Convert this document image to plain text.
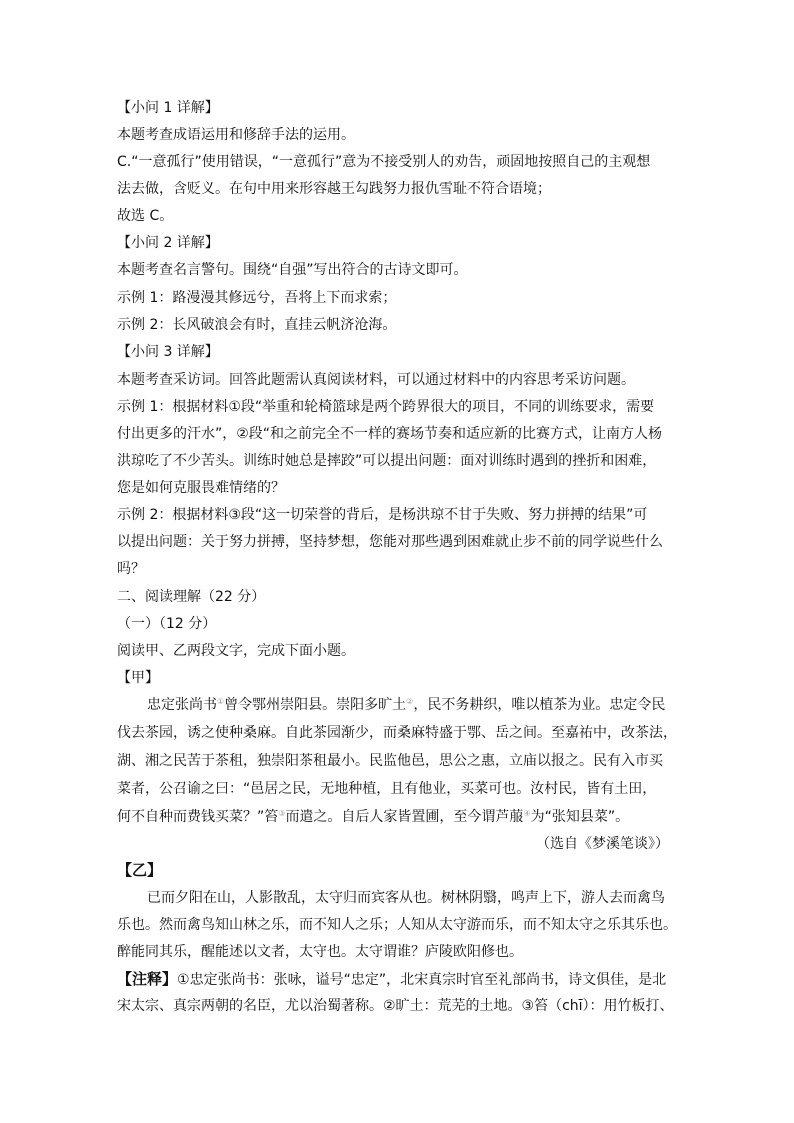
【小问 1 详解】
本题考查成语运用和修辞手法的运用。
C.“一意孤行”使用错误，“一意孤行”意为不接受别人的劝告，顽固地按照自己的主观想
法去做，含贬义。在句中用来形容越王勾践努力报仇雪耻不符合语境；
故选 C。
【小问 2 详解】
本题考查名言警句。围绕“自强”写出符合的古诗文即可。
示例 1：路漫漫其修远兮，吾将上下而求索；
示例 2：长风破浪会有时，直挂云帆济沧海。
【小问 3 详解】
本题考查采访词。回答此题需认真阅读材料，可以通过材料中的内容思考采访问题。
示例 1：根据材料①段“举重和轮椅篮球是两个跨界很大的项目，不同的训练要求，需要
付出更多的汗水”，②段“和之前完全不一样的赛场节奏和适应新的比赛方式，让南方人杨
洪琼吃了不少苦头。训练时她总是摔跤”可以提出问题：面对训练时遇到的挫折和困难，
您是如何克服畏难情绪的？
示例 2：根据材料③段“这一切荣誉的背后，是杨洪琼不甘于失败、努力拼搏的结果”可
以提出问题：关于努力拼搏，坚持梦想，您能对那些遇到困难就止步不前的同学说些什么
吗？
二、阅读理解（22 分）
（一）（12 分）
阅读甲、乙两段文字，完成下面小题。
【甲】
忠定张尚书①曾令鄂州崇阳县。崇阳多旷土②，民不务耕织，唯以植茶为业。忠定令民
伐去茶园，诱之使种桑麻。自此茶园渐少，而桑麻特盛于鄂、岳之间。至嘉祐中，改茶法，
湖、湘之民苦于茶租，独崇阳茶租最小。民监他邑，思公之惠，立庙以报之。民有入市买
菜者，公召谕之曰：“邑居之民，无地种植，且有他业，买菜可也。汝村民，皆有土田，
何不自种而费钱买菜？”笞③而遣之。自后人家皆置圃，至今谓芦菔④为“张知县菜”。
（选自《梦溪笔谈》）
【乙】
已而夕阳在山，人影散乱，太守归而宾客从也。树林阴翳，鸣声上下，游人去而禽鸟
乐也。然而禽鸟知山林之乐，而不知人之乐；人知从太守游而乐，而不知太守之乐其乐也。
醉能同其乐，醒能述以文者，太守也。太守谓谁？庐陵欧阳修也。
【注释】①忠定张尚书：张咏，谥号“忠定”，北宋真宗时官至礼部尚书，诗文俱佳，是北
宋太宗、真宗两朝的名臣，尤以治蜀著称。②旷土：荒芜的土地。③笞（chī）：用竹板打、
